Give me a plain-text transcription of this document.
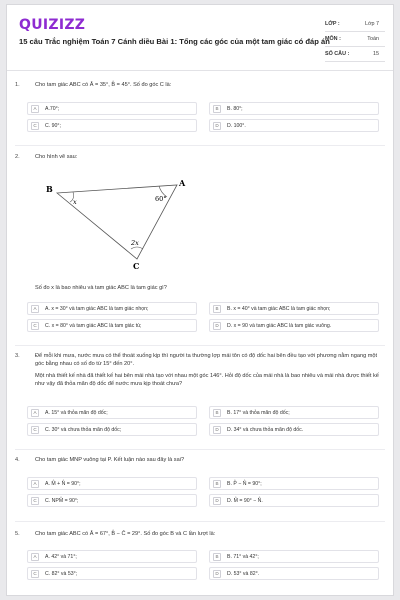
QUIZIZZ
15 câu Trắc nghiệm Toán 7 Cánh diều Bài 1: Tổng các góc của một tam giác có đáp án
LỚP :	Lớp 7
MÔN :	Toán
SỐ CÂU :	15
1.	Cho tam giác ABC có Â = 35°, B̂ = 45°. Số đo góc C là:
A	A.70°;	B	B. 80°;
C	C. 90°;	D	D. 100°.
2.	Cho hình vẽ sau:
B
A
C
60°
x
2x
Số đo x là bao nhiêu và tam giác ABC là tam giác gì?
A	A. x = 30° và tam giác ABC là tam giác nhọn;	B	B. x = 40° và tam giác ABC là tam giác nhọn;
C	C. x = 80° và tam giác ABC là tam giác tù;	D	D. x = 90 và tam giác ABC là tam giác vuông.
3.	Để mỗi khi mưa, nước mưa có thể thoát xuống kịp thì người ta thường lợp mái tôn có độ dốc hai bên đều tạo với phương nằm ngang một góc bằng nhau có số đo từ 15° đến 20°.
Một nhà thiết kế nhà đã thiết kế hai bên mái nhà tạo với nhau một góc 146°. Hỏi độ dốc của mái nhà là bao nhiêu và mái nhà được thiết kế như vậy đã thỏa mãn độ dốc để nước mưa kịp thoát chưa?
A	A. 15° và thỏa mãn độ dốc;	B	B. 17° và thỏa mãn độ dốc;
C	C. 30° và chưa thỏa mãn độ dốc;	D	D. 34° và chưa thỏa mãn độ dốc.
4.	Cho tam giác MNP vuông tại P. Kết luận nào sau đây là sai?
A	A. M̂ + N̂ = 90°;	B	B. P̂ − N̂ = 90°;
C	C. NPM̂ = 90°;	D	D. M̂ = 90° − N̂.
5.	Cho tam giác ABC có Â = 67°, B̂ − Ĉ = 29°. Số đo góc B và C lần lượt là:
A	A. 42° và 71°;	B	B. 71° và 42°;
C	C. 82° và 53°;	D	D. 53° và 82°.
